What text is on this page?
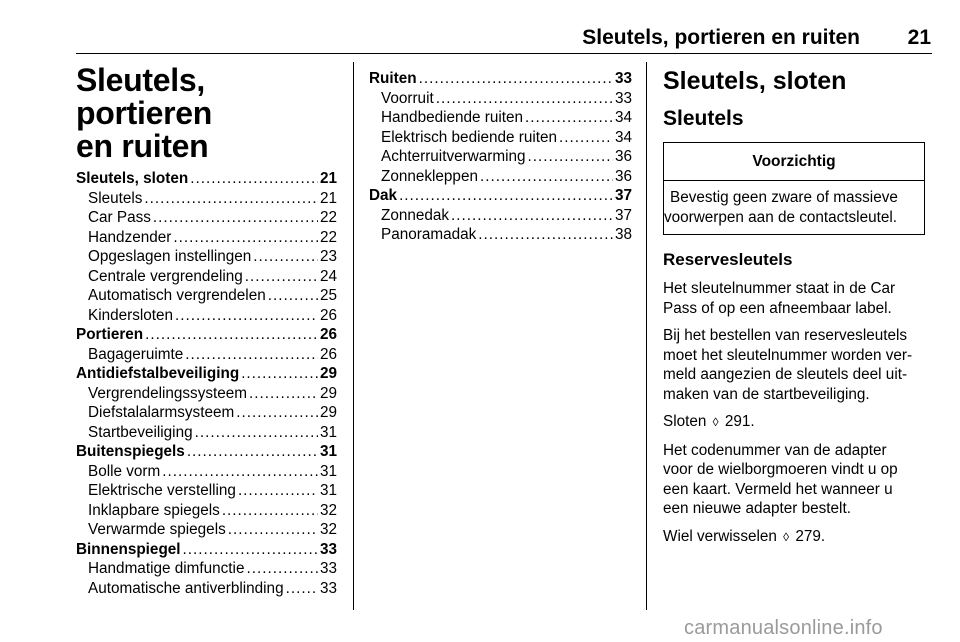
Sleutels, portieren en ruiten	21
Sleutels, portieren
en ruiten
Sleutels, sloten .....	21
Sleutels .....	21
Car Pass .....	22
Handzender .....	22
Opgeslagen instellingen .....	23
Centrale vergrendeling .....	24
Automatisch vergrendelen .....	25
Kindersloten .....	26
Portieren .....	26
Bagageruimte .....	26
Antidiefstalbeveiliging .....	29
Vergrendelingssysteem .....	29
Diefstalalarmsysteem .....	29
Startbeveiliging .....	31
Buitenspiegels .....	31
Bolle vorm .....	31
Elektrische verstelling .....	31
Inklapbare spiegels .....	32
Verwarmde spiegels .....	32
Binnenspiegel .....	33
Handmatige dimfunctie .....	33
Automatische antiverblinding ..... 33
Ruiten .....	33
Voorruit .....	33
Handbediende ruiten .....	34
Elektrisch bediende ruiten .....	34
Achterruitverwarming .....	36
Zonnekleppen .....	36
Dak .....	37
Zonnedak .....	37
Panoramadak .....	38
Sleutels, sloten
Sleutels
Voorzichtig
Bevestig geen zware of massieve
voorwerpen aan de contactsleutel.
Reservesleutels
Het sleutelnummer staat in de Car
Pass of op een afneembaar label.
Bij het bestellen van reservesleutels
moet het sleutelnummer worden ver-
meld aangezien de sleutels deel uit-
maken van de startbeveiliging.
Sloten ◊ 291.
Het codenummer van de adapter
voor de wielborgmoeren vindt u op
een kaart. Vermeld het wanneer u
een nieuwe adapter bestelt.
Wiel verwisselen ◊ 279.
carmanualsonline.info
